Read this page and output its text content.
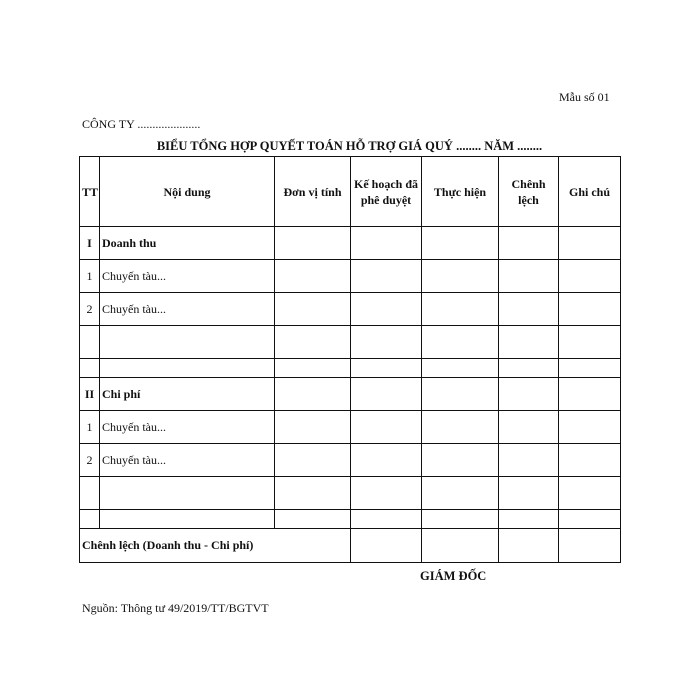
Mẫu số 01
CÔNG TY .....................
BIỂU TỔNG HỢP QUYẾT TOÁN HỖ TRỢ GIÁ QUÝ ........ NĂM ........
TT	Nội dung	Đơn vị tính	Kế hoạch đã phê duyệt	Thực hiện	Chênh lệch	Ghi chú
I	Doanh thu					
1	Chuyến tàu...					
2	Chuyến tàu...					

II	Chi phí					
1	Chuyến tàu...					
2	Chuyến tàu...					

Chênh lệch (Doanh thu - Chi phí)						
GIÁM ĐỐC
Nguồn: Thông tư 49/2019/TT/BGTVT
